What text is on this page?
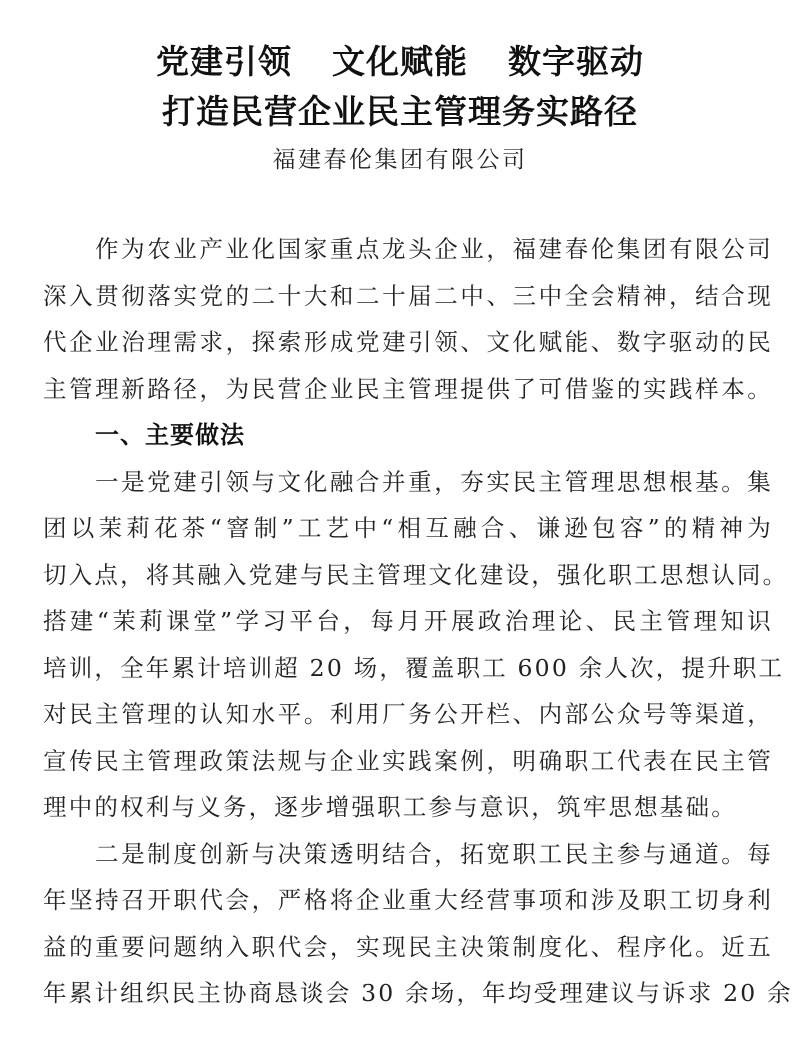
党建引领 文化赋能 数字驱动
打造民营企业民主管理务实路径
福建春伦集团有限公司
作为农业产业化国家重点龙头企业，福建春伦集团有限公司
深入贯彻落实党的二十大和二十届二中、三中全会精神，结合现
代企业治理需求，探索形成党建引领、文化赋能、数字驱动的民
主管理新路径，为民营企业民主管理提供了可借鉴的实践样本。
一、主要做法
一是党建引领与文化融合并重，夯实民主管理思想根基。集
团以茉莉花茶“窨制”工艺中“相互融合、谦逊包容”的精神为
切入点，将其融入党建与民主管理文化建设，强化职工思想认同。
搭建“茉莉课堂”学习平台，每月开展政治理论、民主管理知识
培训，全年累计培训超 20 场，覆盖职工 600 余人次，提升职工
对民主管理的认知水平。利用厂务公开栏、内部公众号等渠道，
宣传民主管理政策法规与企业实践案例，明确职工代表在民主管
理中的权利与义务，逐步增强职工参与意识，筑牢思想基础。
二是制度创新与决策透明结合，拓宽职工民主参与通道。每
年坚持召开职代会，严格将企业重大经营事项和涉及职工切身利
益的重要问题纳入职代会，实现民主决策制度化、程序化。近五
年累计组织民主协商恳谈会 30 余场，年均受理建议与诉求 20 余
